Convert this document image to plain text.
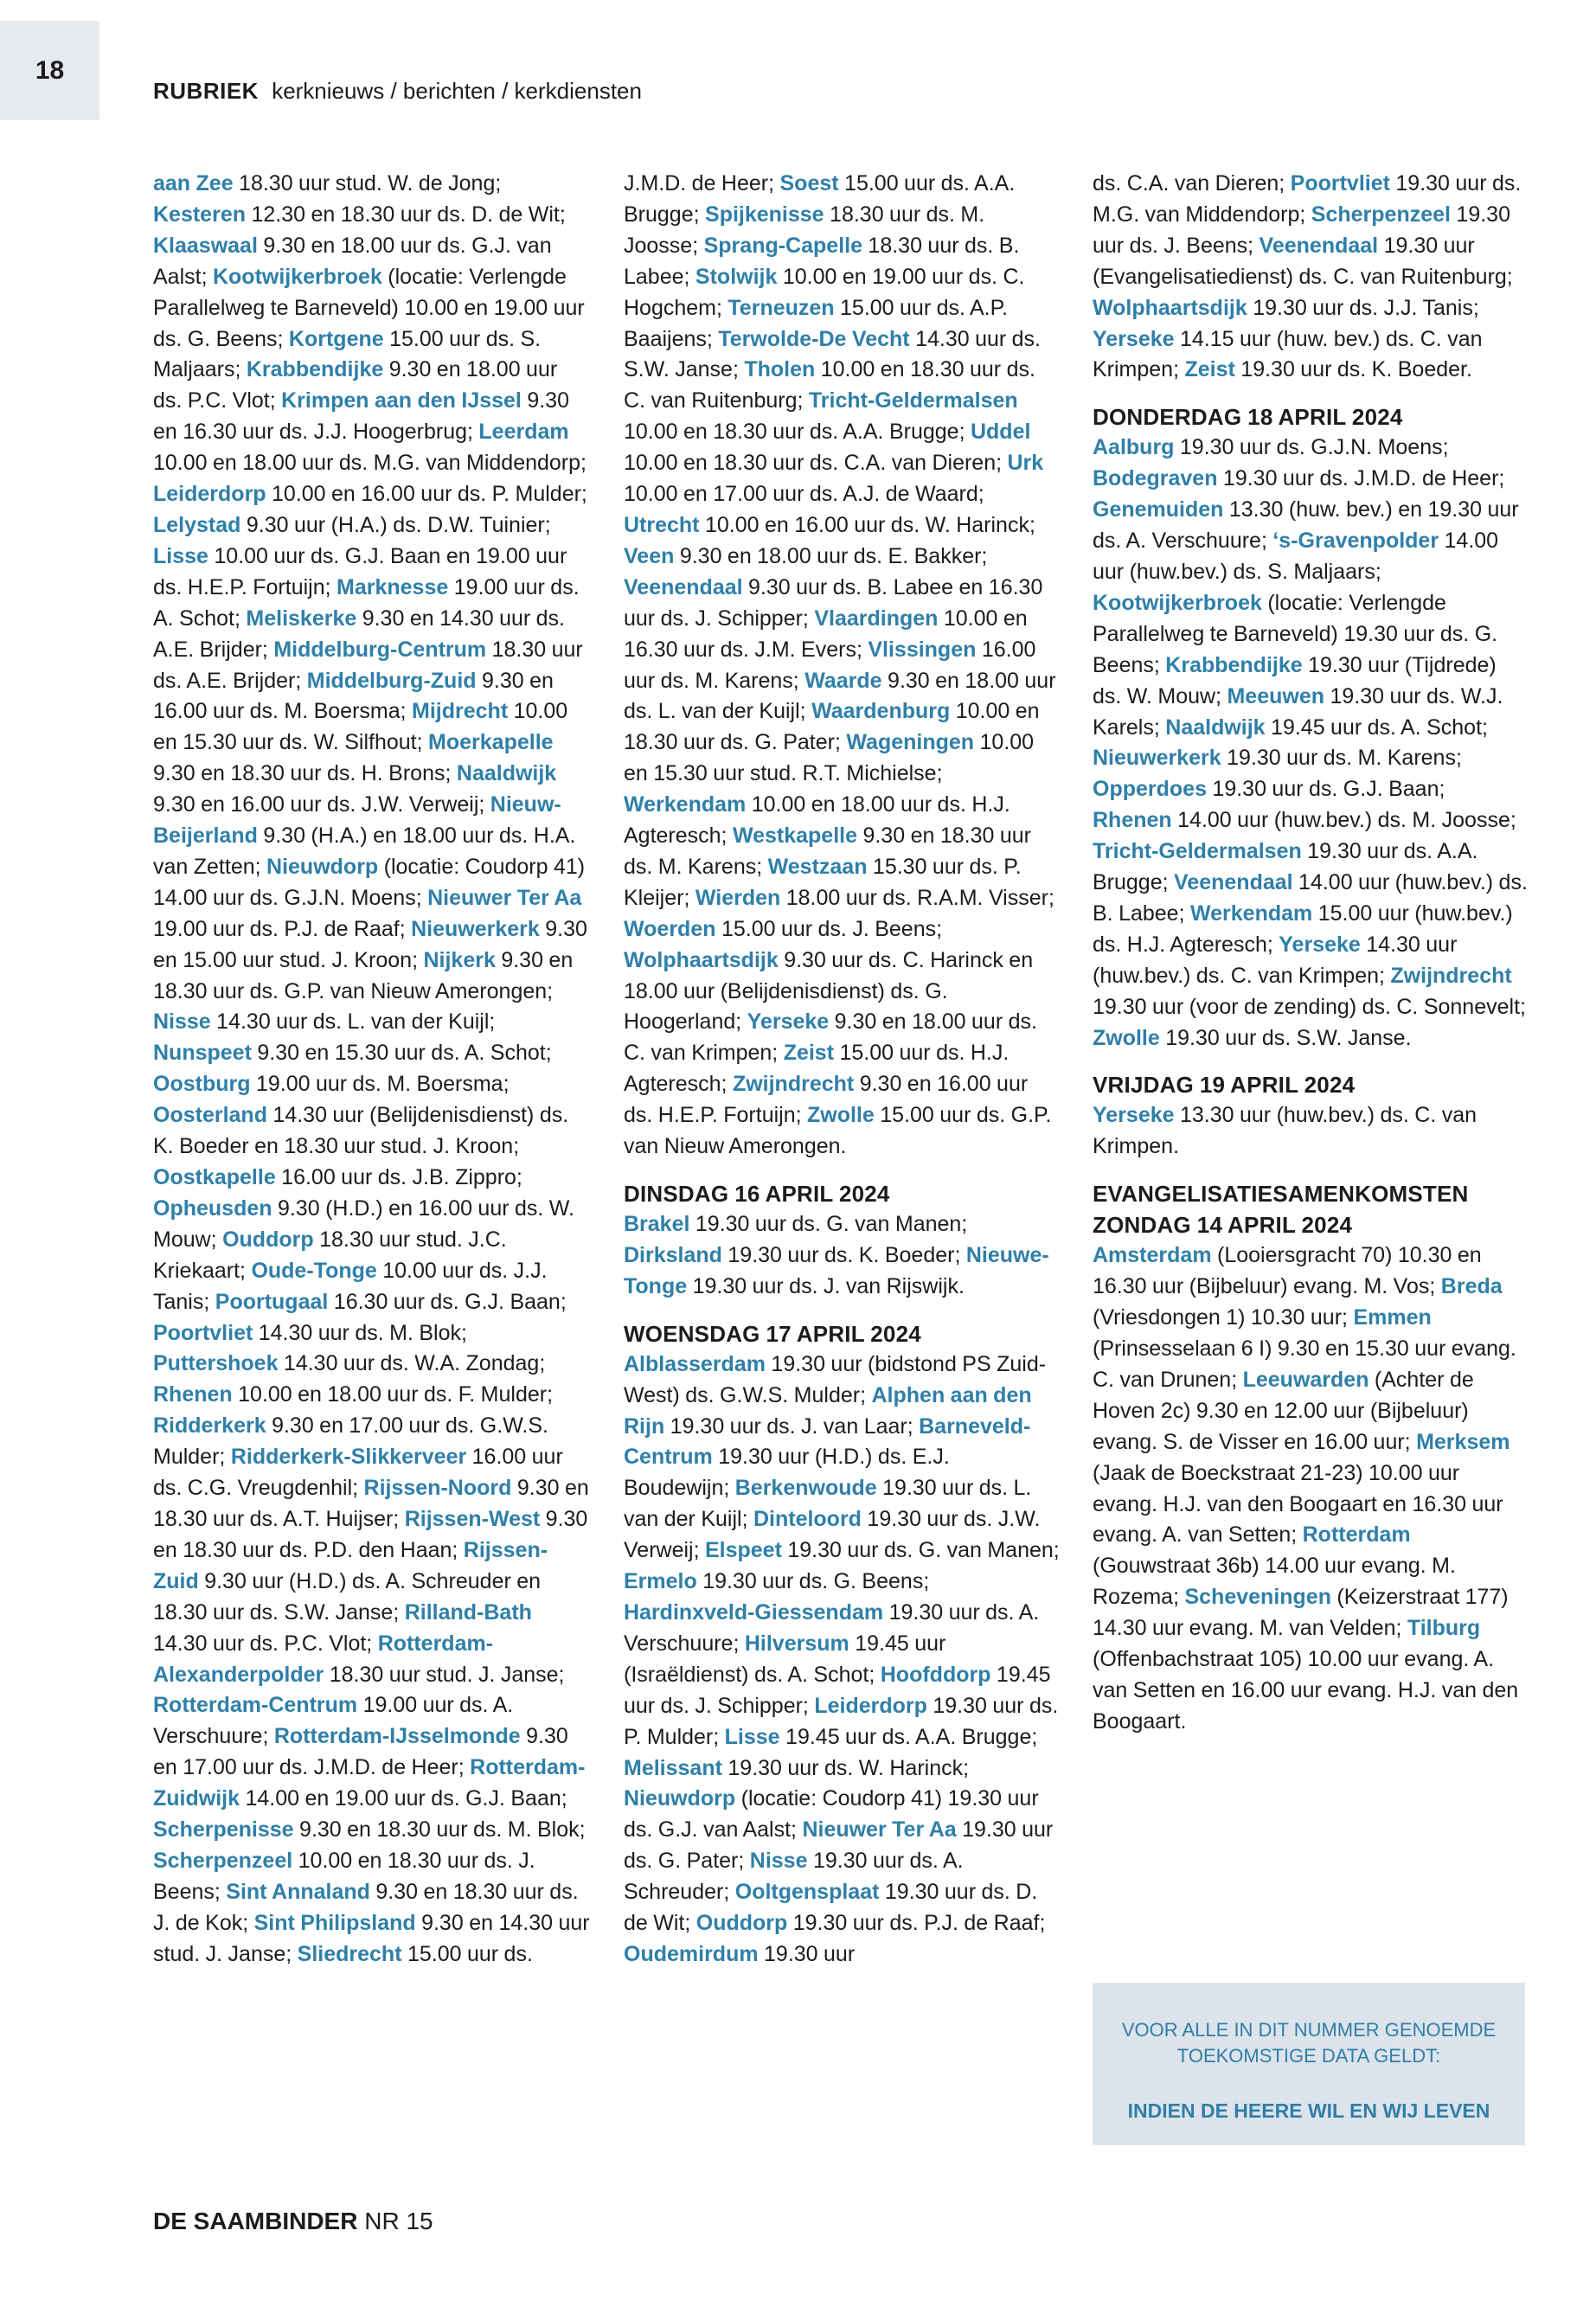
18
RUBRIEK kerknieuws / berichten / kerkdiensten

aan Zee 18.30 uur stud. W. de Jong; Kesteren 12.30 en 18.30 uur ds. D. de Wit; Klaaswaal 9.30 en 18.00 uur ds. G.J. van Aalst; Kootwijkerbroek (locatie: Verlengde Parallelweg te Barneveld) 10.00 en 19.00 uur ds. G. Beens; Kortgene 15.00 uur ds. S. Maljaars; Krabbendijke 9.30 en 18.00 uur ds. P.C. Vlot; Krimpen aan den IJssel 9.30 en 16.30 uur ds. J.J. Hoogerbrug; Leerdam 10.00 en 18.00 uur ds. M.G. van Middendorp; Leiderdorp 10.00 en 16.00 uur ds. P. Mulder; Lelystad 9.30 uur (H.A.) ds. D.W. Tuinier; Lisse 10.00 uur ds. G.J. Baan en 19.00 uur ds. H.E.P. Fortuijn; Marknesse 19.00 uur ds. A. Schot; Meliskerke 9.30 en 14.30 uur ds. A.E. Brijder; Middelburg-Centrum 18.30 uur ds. A.E. Brijder; Middelburg-Zuid 9.30 en 16.00 uur ds. M. Boersma; Mijdrecht 10.00 en 15.30 uur ds. W. Silfhout; Moerkapelle 9.30 en 18.30 uur ds. H. Brons; Naaldwijk 9.30 en 16.00 uur ds. J.W. Verweij; Nieuw-Beijerland 9.30 (H.A.) en 18.00 uur ds. H.A. van Zetten; Nieuwdorp (locatie: Coudorp 41) 14.00 uur ds. G.J.N. Moens; Nieuwer Ter Aa 19.00 uur ds. P.J. de Raaf; Nieuwerkerk 9.30 en 15.00 uur stud. J. Kroon; Nijkerk 9.30 en 18.30 uur ds. G.P. van Nieuw Amerongen; Nisse 14.30 uur ds. L. van der Kuijl; Nunspeet 9.30 en 15.30 uur ds. A. Schot; Oostburg 19.00 uur ds. M. Boersma; Oosterland 14.30 uur (Belijdenisdienst) ds. K. Boeder en 18.30 uur stud. J. Kroon; Oostkapelle 16.00 uur ds. J.B. Zippro; Opheusden 9.30 (H.D.) en 16.00 uur ds. W. Mouw; Ouddorp 18.30 uur stud. J.C. Kriekaart; Oude-Tonge 10.00 uur ds. J.J. Tanis; Poortugaal 16.30 uur ds. G.J. Baan; Poortvliet 14.30 uur ds. M. Blok; Puttershoek 14.30 uur ds. W.A. Zondag; Rhenen 10.00 en 18.00 uur ds. F. Mulder; Ridderkerk 9.30 en 17.00 uur ds. G.W.S. Mulder; Ridderkerk-Slikkerveer 16.00 uur ds. C.G. Vreugdenhil; Rijssen-Noord 9.30 en 18.30 uur ds. A.T. Huijser; Rijssen-West 9.30 en 18.30 uur ds. P.D. den Haan; Rijssen-Zuid 9.30 uur (H.D.) ds. A. Schreuder en 18.30 uur ds. S.W. Janse; Rilland-Bath 14.30 uur ds. P.C. Vlot; Rotterdam-Alexanderpolder 18.30 uur stud. J. Janse; Rotterdam-Centrum 19.00 uur ds. A. Verschuure; Rotterdam-IJsselmonde 9.30 en 17.00 uur ds. J.M.D. de Heer; Rotterdam-Zuidwijk 14.00 en 19.00 uur ds. G.J. Baan; Scherpenisse 9.30 en 18.30 uur ds. M. Blok; Scherpenzeel 10.00 en 18.30 uur ds. J. Beens; Sint Annaland 9.30 en 18.30 uur ds. J. de Kok; Sint Philipsland 9.30 en 14.30 uur stud. J. Janse; Sliedrecht 15.00 uur ds.

J.M.D. de Heer; Soest 15.00 uur ds. A.A. Brugge; Spijkenisse 18.30 uur ds. M. Joosse; Sprang-Capelle 18.30 uur ds. B. Labee; Stolwijk 10.00 en 19.00 uur ds. C. Hogchem; Terneuzen 15.00 uur ds. A.P. Baaijens; Terwolde-De Vecht 14.30 uur ds. S.W. Janse; Tholen 10.00 en 18.30 uur ds. C. van Ruitenburg; Tricht-Geldermalsen 10.00 en 18.30 uur ds. A.A. Brugge; Uddel 10.00 en 18.30 uur ds. C.A. van Dieren; Urk 10.00 en 17.00 uur ds. A.J. de Waard; Utrecht 10.00 en 16.00 uur ds. W. Harinck; Veen 9.30 en 18.00 uur ds. E. Bakker; Veenendaal 9.30 uur ds. B. Labee en 16.30 uur ds. J. Schipper; Vlaardingen 10.00 en 16.30 uur ds. J.M. Evers; Vlissingen 16.00 uur ds. M. Karens; Waarde 9.30 en 18.00 uur ds. L. van der Kuijl; Waardenburg 10.00 en 18.30 uur ds. G. Pater; Wageningen 10.00 en 15.30 uur stud. R.T. Michielse; Werkendam 10.00 en 18.00 uur ds. H.J. Agteresch; Westkapelle 9.30 en 18.30 uur ds. M. Karens; Westzaan 15.30 uur ds. P. Kleijer; Wierden 18.00 uur ds. R.A.M. Visser; Woerden 15.00 uur ds. J. Beens; Wolphaartsdijk 9.30 uur ds. C. Harinck en 18.00 uur (Belijdenisdienst) ds. G. Hoogerland; Yerseke 9.30 en 18.00 uur ds. C. van Krimpen; Zeist 15.00 uur ds. H.J. Agteresch; Zwijndrecht 9.30 en 16.00 uur ds. H.E.P. Fortuijn; Zwolle 15.00 uur ds. G.P. van Nieuw Amerongen.

DINSDAG 16 APRIL 2024

Brakel 19.30 uur ds. G. van Manen; Dirksland 19.30 uur ds. K. Boeder; Nieuwe-Tonge 19.30 uur ds. J. van Rijswijk.

WOENSDAG 17 APRIL 2024

Alblasserdam 19.30 uur (bidstond PS Zuid-West) ds. G.W.S. Mulder; Alphen aan den Rijn 19.30 uur ds. J. van Laar; Barneveld-Centrum 19.30 uur (H.D.) ds. E.J. Boudewijn; Berkenwoude 19.30 uur ds. L. van der Kuijl; Dinteloord 19.30 uur ds. J.W. Verweij; Elspeet 19.30 uur ds. G. van Manen; Ermelo 19.30 uur ds. G. Beens; Hardinxveld-Giessendam 19.30 uur ds. A. Verschuure; Hilversum 19.45 uur (Israëldienst) ds. A. Schot; Hoofddorp 19.45 uur ds. J. Schipper; Leiderdorp 19.30 uur ds. P. Mulder; Lisse 19.45 uur ds. A.A. Brugge; Melissant 19.30 uur ds. W. Harinck; Nieuwdorp (locatie: Coudorp 41) 19.30 uur ds. G.J. van Aalst; Nieuwer Ter Aa 19.30 uur ds. G. Pater; Nisse 19.30 uur ds. A. Schreuder; Ooltgensplaat 19.30 uur ds. D. de Wit; Ouddorp 19.30 uur ds. P.J. de Raaf; Oudemirdum 19.30 uur

ds. C.A. van Dieren; Poortvliet 19.30 uur ds. M.G. van Middendorp; Scherpenzeel 19.30 uur ds. J. Beens; Veenendaal 19.30 uur (Evangelisatiedienst) ds. C. van Ruitenburg; Wolphaartsdijk 19.30 uur ds. J.J. Tanis; Yerseke 14.15 uur (huw. bev.) ds. C. van Krimpen; Zeist 19.30 uur ds. K. Boeder.

DONDERDAG 18 APRIL 2024

Aalburg 19.30 uur ds. G.J.N. Moens; Bodegraven 19.30 uur ds. J.M.D. de Heer; Genemuiden 13.30 (huw. bev.) en 19.30 uur ds. A. Verschuure; ‘s-Gravenpolder 14.00 uur (huw.bev.) ds. S. Maljaars; Kootwijkerbroek (locatie: Verlengde Parallelweg te Barneveld) 19.30 uur ds. G. Beens; Krabbendijke 19.30 uur (Tijdrede) ds. W. Mouw; Meeuwen 19.30 uur ds. W.J. Karels; Naaldwijk 19.45 uur ds. A. Schot; Nieuwerkerk 19.30 uur ds. M. Karens; Opperdoes 19.30 uur ds. G.J. Baan; Rhenen 14.00 uur (huw.bev.) ds. M. Joosse; Tricht-Geldermalsen 19.30 uur ds. A.A. Brugge; Veenendaal 14.00 uur (huw.bev.) ds. B. Labee; Werkendam 15.00 uur (huw.bev.) ds. H.J. Agteresch; Yerseke 14.30 uur (huw.bev.) ds. C. van Krimpen; Zwijndrecht 19.30 uur (voor de zending) ds. C. Sonnevelt; Zwolle 19.30 uur ds. S.W. Janse.

VRIJDAG 19 APRIL 2024

Yerseke 13.30 uur (huw.bev.) ds. C. van Krimpen.

EVANGELISATIESAMENKOMSTEN
ZONDAG 14 APRIL 2024

Amsterdam (Looiersgracht 70) 10.30 en 16.30 uur (Bijbeluur) evang. M. Vos; Breda (Vriesdongen 1) 10.30 uur; Emmen (Prinsesselaan 6 I) 9.30 en 15.30 uur evang. C. van Drunen; Leeuwarden (Achter de Hoven 2c) 9.30 en 12.00 uur (Bijbeluur) evang. S. de Visser en 16.00 uur; Merksem (Jaak de Boeckstraat 21-23) 10.00 uur evang. H.J. van den Boogaart en 16.30 uur evang. A. van Setten; Rotterdam (Gouwstraat 36b) 14.00 uur evang. M. Rozema; Scheveningen (Keizerstraat 177) 14.30 uur evang. M. van Velden; Tilburg (Offenbachstraat 105) 10.00 uur evang. A. van Setten en 16.00 uur evang. H.J. van den Boogaart.

VOOR ALLE IN DIT NUMMER GENOEMDE TOEKOMSTIGE DATA GELDT:
INDIEN DE HEERE WIL EN WIJ LEVEN
DE SAAMBINDER NR 15
